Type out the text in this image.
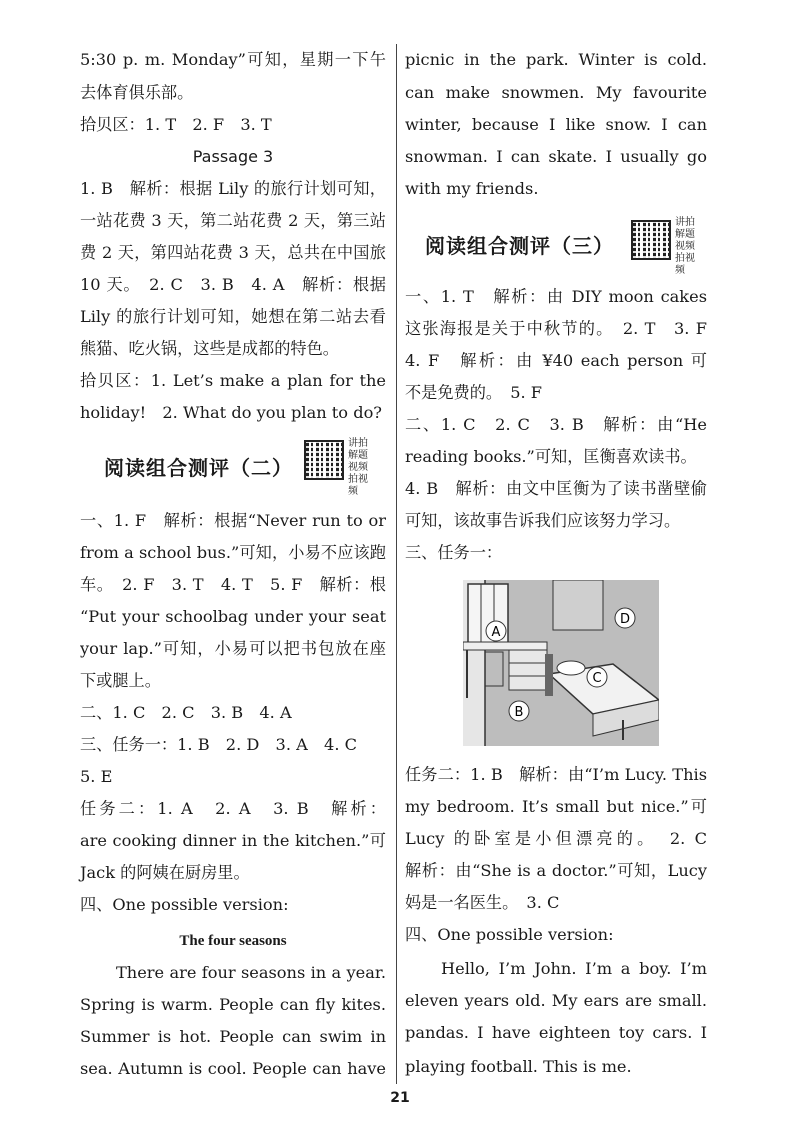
5:30 p. m. Monday”可知，星期一下午
去体育俱乐部。
拾贝区：1. T　2. F　3. T
Passage 3
1. B　解析：根据 Lily 的旅行计划可知，
一站花费 3 天，第二站花费 2 天，第三站
费 2 天，第四站花费 3 天，总共在中国旅
10 天。　2. C　3. B　4. A　解析：根据
Lily 的旅行计划可知，她想在第二站去看
熊猫、吃火锅，这些是成都的特色。
拾贝区：1. Let’s make a plan for the
holiday!　2. What do you plan to do?
阅读组合测评（二）
讲拍解题视频拍视频
一、1. F　解析：根据“Never run to or
from a school bus.”可知，小易不应该跑
车。　2. F　3. T　4. T　5. F　解析：根
“Put your schoolbag under your seat
your lap.”可知，小易可以把书包放在座
下或腿上。
二、1. C　2. C　3. B　4. A
三、任务一：1. B　2. D　3. A　4. C
5. E
任务二：1. A　2. A　3. B　解析：
are cooking dinner in the kitchen.”可
Jack 的阿姨在厨房里。
四、One possible version:
The four seasons
There are four seasons in a year.
Spring is warm. People can fly kites.
Summer is hot. People can swim in
sea. Autumn is cool. People can have
picnic in the park. Winter is cold.
can make snowmen. My favourite
winter, because I like snow. I can
snowman. I can skate. I usually go
with my friends.
阅读组合测评（三）
讲拍解题视频拍视频
一、1. T　解析：由 DIY moon cakes
这张海报是关于中秋节的。　2. T　3. F
4. F　解析：由 ¥40 each person 可
不是免费的。　5. F
二、1. C　2. C　3. B　解析：由“He
reading books.”可知，匡衡喜欢读书。
4. B　解析：由文中匡衡为了读书凿壁偷
可知，该故事告诉我们应该努力学习。
三、任务一：
任务二：1. B　解析：由“I’m Lucy. This
my bedroom. It’s small but nice.”可
Lucy 的卧室是小但漂亮的。　2. C
解析：由“She is a doctor.”可知，Lucy
妈是一名医生。　3. C
四、One possible version:
Hello, I’m John. I’m a boy. I’m
eleven years old. My ears are small.
pandas. I have eighteen toy cars. I
playing football. This is me.
A
B
C
D
21
